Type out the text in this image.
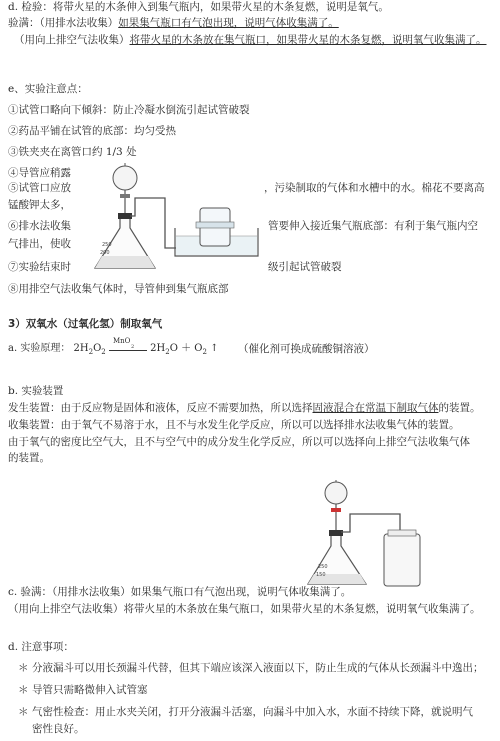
d. 检验：将带火星的木条伸入到集气瓶内，如果带火星的木条复燃，说明是氧气。
验满：（用排水法收集）如果集气瓶口有气泡出现，说明气体收集满了。
（用向上排空气法收集）将带火星的木条放在集气瓶口，如果带火星的木条复燃，说明氧气收集满了。
e、实验注意点：
①试管口略向下倾斜：防止冷凝水倒流引起试管破裂
②药品平铺在试管的底部：均匀受热
③铁夹夹在离管口约 1/3 处
④导管应稍露
⑤试管口应放
锰酸钾太多，
⑥排水法收集
气排出，使收
⑦实验结束时
⑧用排空气法收集气体时，导管伸到集气瓶底部
，污染制取的气体和水槽中的水。棉花不要离高
管要伸入接近集气瓶底部：有利于集气瓶内空
级引起试管破裂
250
200
3）双氧水（过氧化氢）制取氧气
a. 实验原理： $2H_2O_2$
MnO
2 $2H_2O + O_2$ ↑ （催化剂可换成硫酸铜溶液）
b. 实验装置
发生装置：由于反应物是固体和液体，反应不需要加热，所以选择固液混合在常温下制取气体的装置。
收集装置：由于氧气不易溶于水，且不与水发生化学反应，所以可以选择排水法收集气体的装置。
由于氧气的密度比空气大，且不与空气中的成分发生化学反应，所以可以选择向上排空气法收集气体
的装置。
250
150
c. 验满：（用排水法收集）如果集气瓶口有气泡出现，说明气体收集满了。
（用向上排空气法收集）将带火星的木条放在集气瓶口，如果带火星的木条复燃，说明氧气收集满了。
d. 注意事项：
＊ 分液漏斗可以用长颈漏斗代替，但其下端应该深入液面以下，防止生成的气体从长颈漏斗中逸出；
＊ 导管只需略微伸入试管塞
＊ 气密性检查：用止水夹关闭，打开分液漏斗活塞，向漏斗中加入水，水面不持续下降，就说明气
密性良好。
